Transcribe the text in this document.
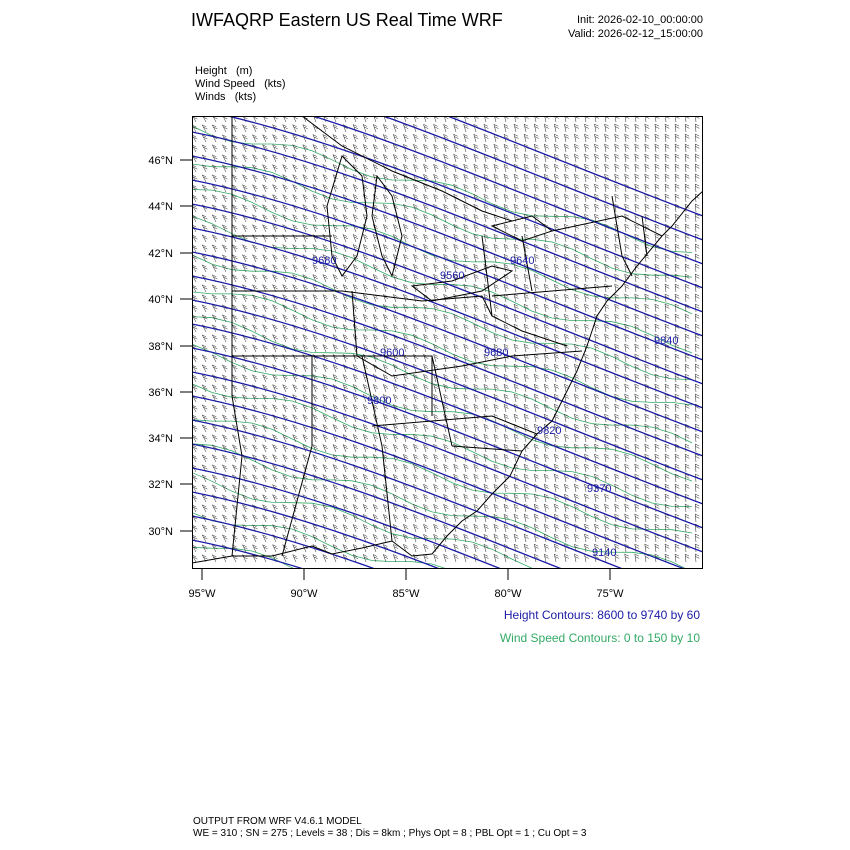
IWFAQRP Eastern US Real Time WRF	Init: 2026-02-10_00:00:00
Valid: 2026-02-12_15:00:00
Height   (m)
Wind Speed   (kts)
Winds   (kts)
46°N
44°N
42°N
40°N
38°N
36°N
34°N
32°N
30°N
95°W	90°W	85°W	80°W	75°W
9680
9560
9640
9840
9600	9680
9800
9820
9370
9140
Height Contours: 8600 to 9740 by 60
Wind Speed Contours: 0 to 150 by 10
OUTPUT FROM WRF V4.6.1 MODEL
WE = 310 ; SN = 275 ; Levels = 38 ; Dis = 8km ; Phys Opt = 8 ; PBL Opt = 1 ; Cu Opt = 3
